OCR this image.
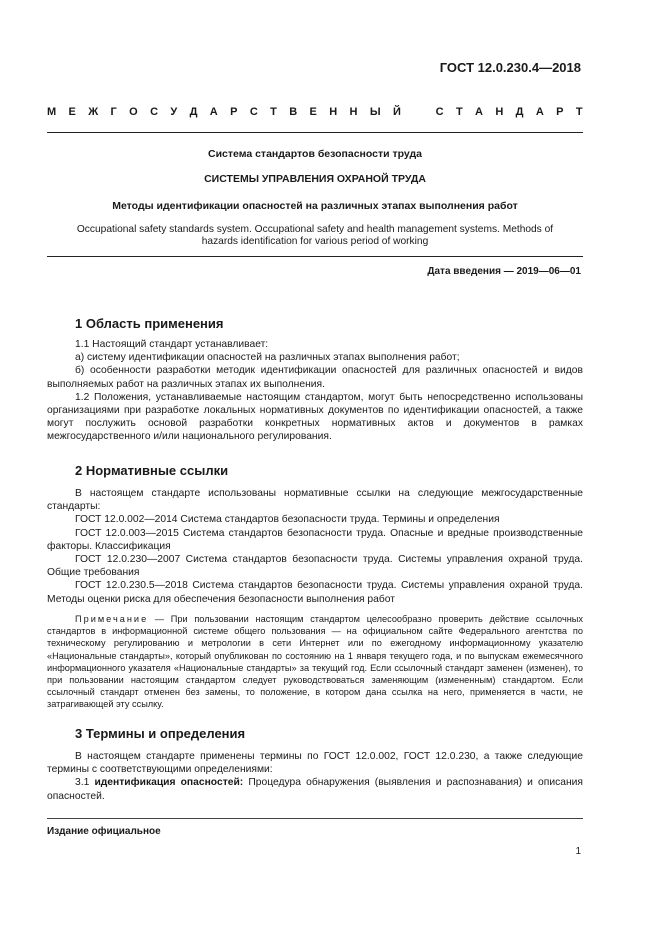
ГОСТ 12.0.230.4—2018
М Е Ж Г О С У Д А Р С Т В Е Н Н Ы Й	С Т А Н Д А Р Т
Система стандартов безопасности труда
СИСТЕМЫ УПРАВЛЕНИЯ ОХРАНОЙ ТРУДА
Методы идентификации опасностей на различных этапах выполнения работ
Occupational safety standards system. Occupational safety and health management systems. Methods of hazards identification for various period of working
Дата введения — 2019—06—01
1 Область применения

1.1 Настоящий стандарт устанавливает:

а) систему идентификации опасностей на различных этапах выполнения работ;

б) особенности разработки методик идентификации опасностей для различных опасностей и видов выполняемых работ на различных этапах их выполнения.

1.2 Положения, устанавливаемые настоящим стандартом, могут быть непосредственно использованы организациями при разработке локальных нормативных документов по идентификации опасностей, а также могут послужить основой разработки конкретных нормативных актов и документов в рамках межгосударственного и/или национального регулирования.

2 Нормативные ссылки

В настоящем стандарте использованы нормативные ссылки на следующие межгосударственные стандарты:

ГОСТ 12.0.002—2014 Система стандартов безопасности труда. Термины и определения

ГОСТ 12.0.003—2015 Система стандартов безопасности труда. Опасные и вредные производственные факторы. Классификация

ГОСТ 12.0.230—2007 Система стандартов безопасности труда. Системы управления охраной труда. Общие требования

ГОСТ 12.0.230.5—2018 Система стандартов безопасности труда. Системы управления охраной труда. Методы оценки риска для обеспечения безопасности выполнения работ

Примечание — При пользовании настоящим стандартом целесообразно проверить действие ссылочных стандартов в информационной системе общего пользования — на официальном сайте Федерального агентства по техническому регулированию и метрологии в сети Интернет или по ежегодному информационному указателю «Национальные стандарты», который опубликован по состоянию на 1 января текущего года, и по выпускам ежемесячного информационного указателя «Национальные стандарты» за текущий год. Если ссылочный стандарт заменен (изменен), то при пользовании настоящим стандартом следует руководствоваться заменяющим (измененным) стандартом. Если ссылочный стандарт отменен без замены, то положение, в котором дана ссылка на него, применяется в части, не затрагивающей эту ссылку.

3 Термины и определения

В настоящем стандарте применены термины по ГОСТ 12.0.002, ГОСТ 12.0.230, а также следующие термины с соответствующими определениями:

3.1 идентификация опасностей: Процедура обнаружения (выявления и распознавания) и описания опасностей.

Издание официальное
1
